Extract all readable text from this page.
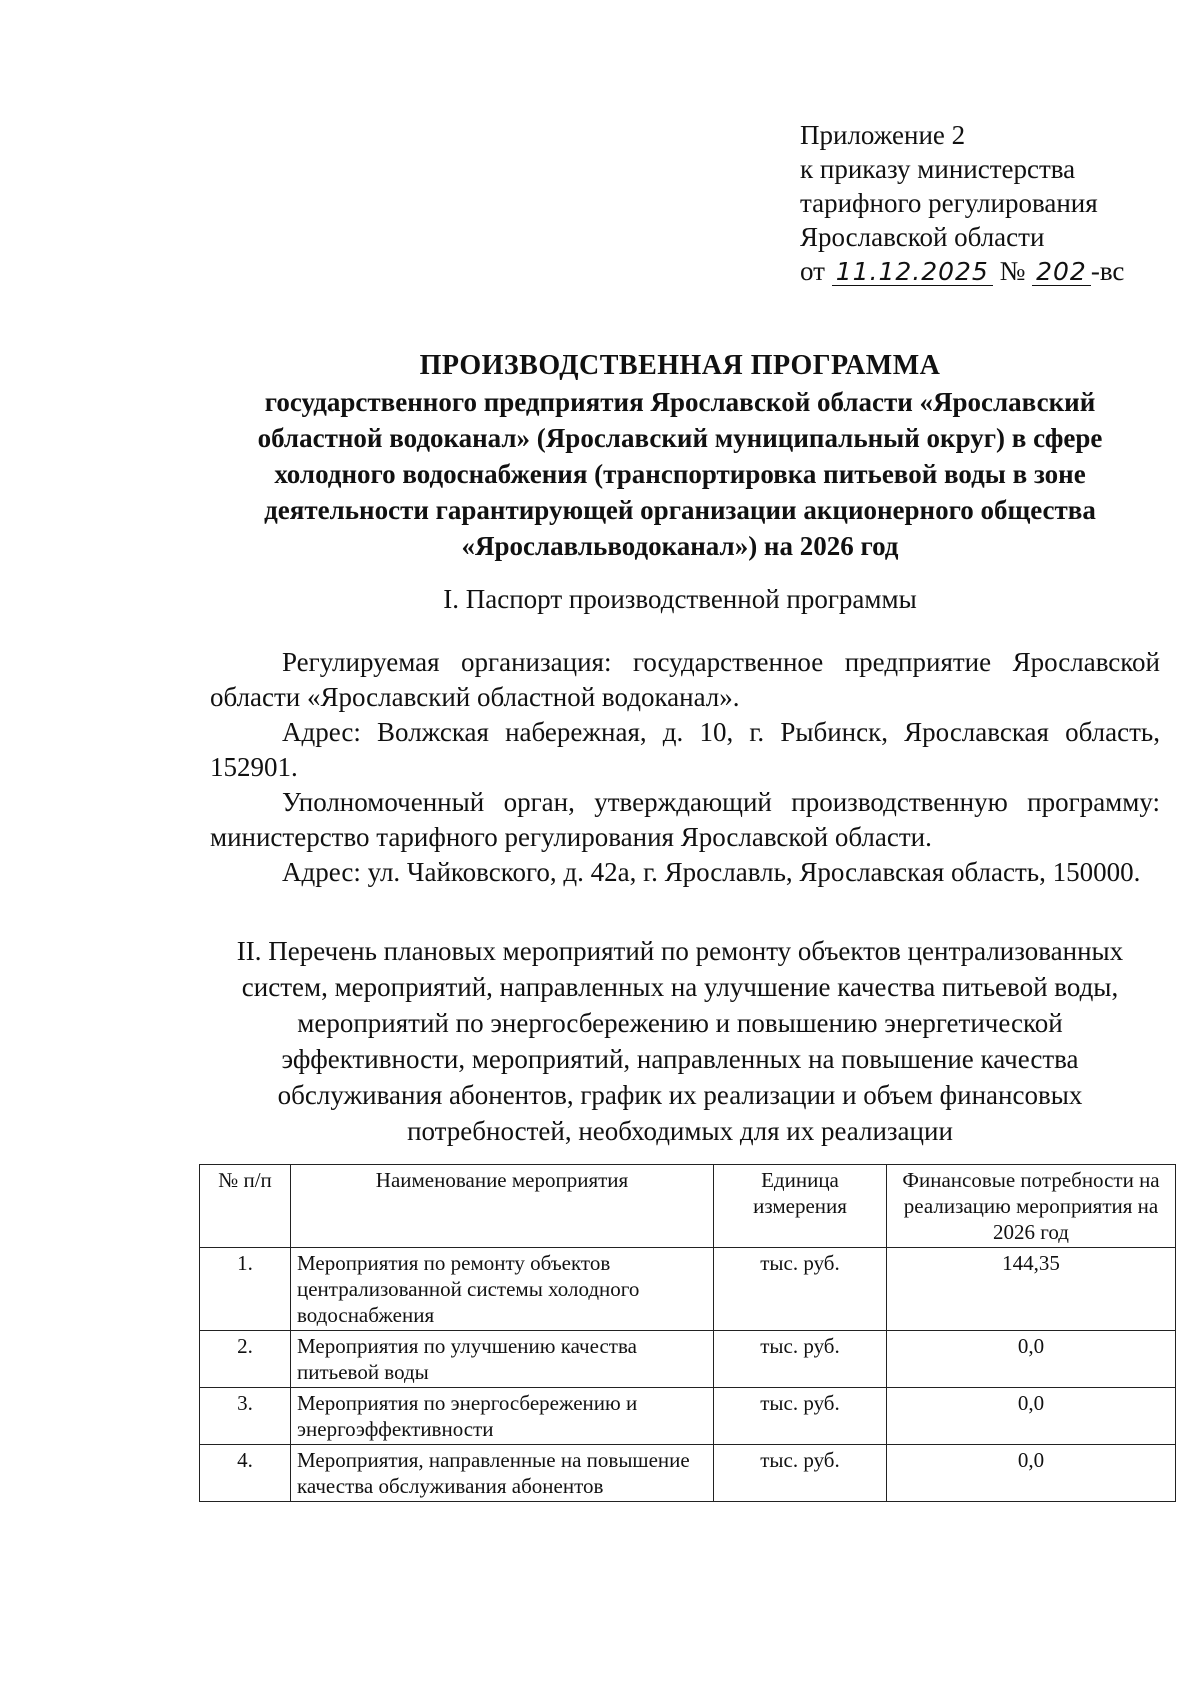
Приложение 2
к приказу министерства
тарифного регулирования
Ярославской области
от 11.12.2025 № 202 -вс
ПРОИЗВОДСТВЕННАЯ ПРОГРАММА
государственного предприятия Ярославской области «Ярославский
областной водоканал» (Ярославский муниципальный округ) в сфере
холодного водоснабжения (транспортировка питьевой воды в зоне
деятельности гарантирующей организации акционерного общества
«Ярославльводоканал») на 2026 год
I. Паспорт производственной программы

Регулируемая организация: государственное предприятие Ярославской области «Ярославский областной водоканал».

Адрес: Волжская набережная, д. 10, г. Рыбинск, Ярославская область, 152901.

Уполномоченный орган, утверждающий производственную программу: министерство тарифного регулирования Ярославской области.

Адрес: ул. Чайковского, д. 42а, г. Ярославль, Ярославская область, 150000.

II. Перечень плановых мероприятий по ремонту объектов централизованных

систем, мероприятий, направленных на улучшение качества питьевой воды,

мероприятий по энергосбережению и повышению энергетической

эффективности, мероприятий, направленных на повышение качества

обслуживания абонентов, график их реализации и объем финансовых

потребностей, необходимых для их реализации

№ п/п	Наименование мероприятия	Единица измерения	Финансовые потребности на реализацию мероприятия на 2026 год
1.	Мероприятия по ремонту объектов централизованной системы холодного водоснабжения	тыс. руб.	144,35
2.	Мероприятия по улучшению качества питьевой воды	тыс. руб.	0,0
3.	Мероприятия по энергосбережению и энергоэффективности	тыс. руб.	0,0
4.	Мероприятия, направленные на повышение качества обслуживания абонентов	тыс. руб.	0,0
